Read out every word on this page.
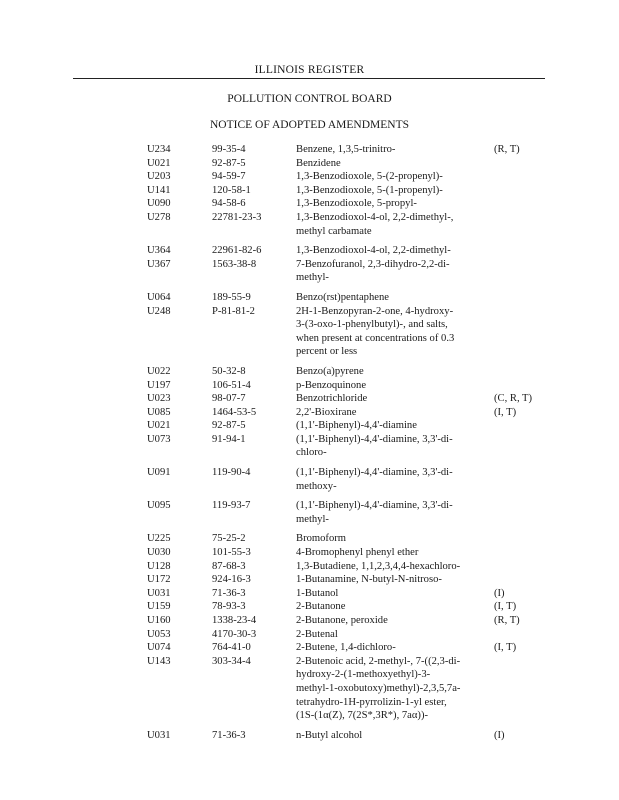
ILLINOIS REGISTER
POLLUTION CONTROL BOARD
NOTICE OF ADOPTED AMENDMENTS
U234	99-35-4	Benzene, 1,3,5-trinitro-	(R, T)
U021	92-87-5	Benzidene
U203	94-59-7	1,3-Benzodioxole, 5-(2-propenyl)-
U141	120-58-1	1,3-Benzodioxole, 5-(1-propenyl)-
U090	94-58-6	1,3-Benzodioxole, 5-propyl-
U278	22781-23-3	1,3-Benzodioxol-4-ol, 2,2-dimethyl-,
methyl carbamate
U364	22961-82-6	1,3-Benzodioxol-4-ol, 2,2-dimethyl-
U367	1563-38-8	7-Benzofuranol, 2,3-dihydro-2,2-di-
methyl-
U064	189-55-9	Benzo(rst)pentaphene
U248	P-81-81-2	2H-1-Benzopyran-2-one, 4-hydroxy-
3-(3-oxo-1-phenylbutyl)-, and salts,
when present at concentrations of 0.3
percent or less
U022	50-32-8	Benzo(a)pyrene
U197	106-51-4	p-Benzoquinone
U023	98-07-7	Benzotrichloride	(C, R, T)
U085	1464-53-5	2,2'-Bioxirane	(I, T)
U021	92-87-5	(1,1'-Biphenyl)-4,4'-diamine
U073	91-94-1	(1,1'-Biphenyl)-4,4'-diamine, 3,3'-di-
chloro-
U091	119-90-4	(1,1'-Biphenyl)-4,4'-diamine, 3,3'-di-
methoxy-
U095	119-93-7	(1,1'-Biphenyl)-4,4'-diamine, 3,3'-di-
methyl-
U225	75-25-2	Bromoform
U030	101-55-3	4-Bromophenyl phenyl ether
U128	87-68-3	1,3-Butadiene, 1,1,2,3,4,4-hexachloro-
U172	924-16-3	1-Butanamine, N-butyl-N-nitroso-
U031	71-36-3	1-Butanol	(I)
U159	78-93-3	2-Butanone	(I, T)
U160	1338-23-4	2-Butanone, peroxide	(R, T)
U053	4170-30-3	2-Butenal
U074	764-41-0	2-Butene, 1,4-dichloro-	(I, T)
U143	303-34-4	2-Butenoic acid, 2-methyl-, 7-((2,3-di-
hydroxy-2-(1-methoxyethyl)-3-
methyl-1-oxobutoxy)methyl)-2,3,5,7a-
tetrahydro-1H-pyrrolizin-1-yl ester,
(1S-(1α(Z), 7(2S*,3R*), 7aα))-
U031	71-36-3	n-Butyl alcohol	(I)
